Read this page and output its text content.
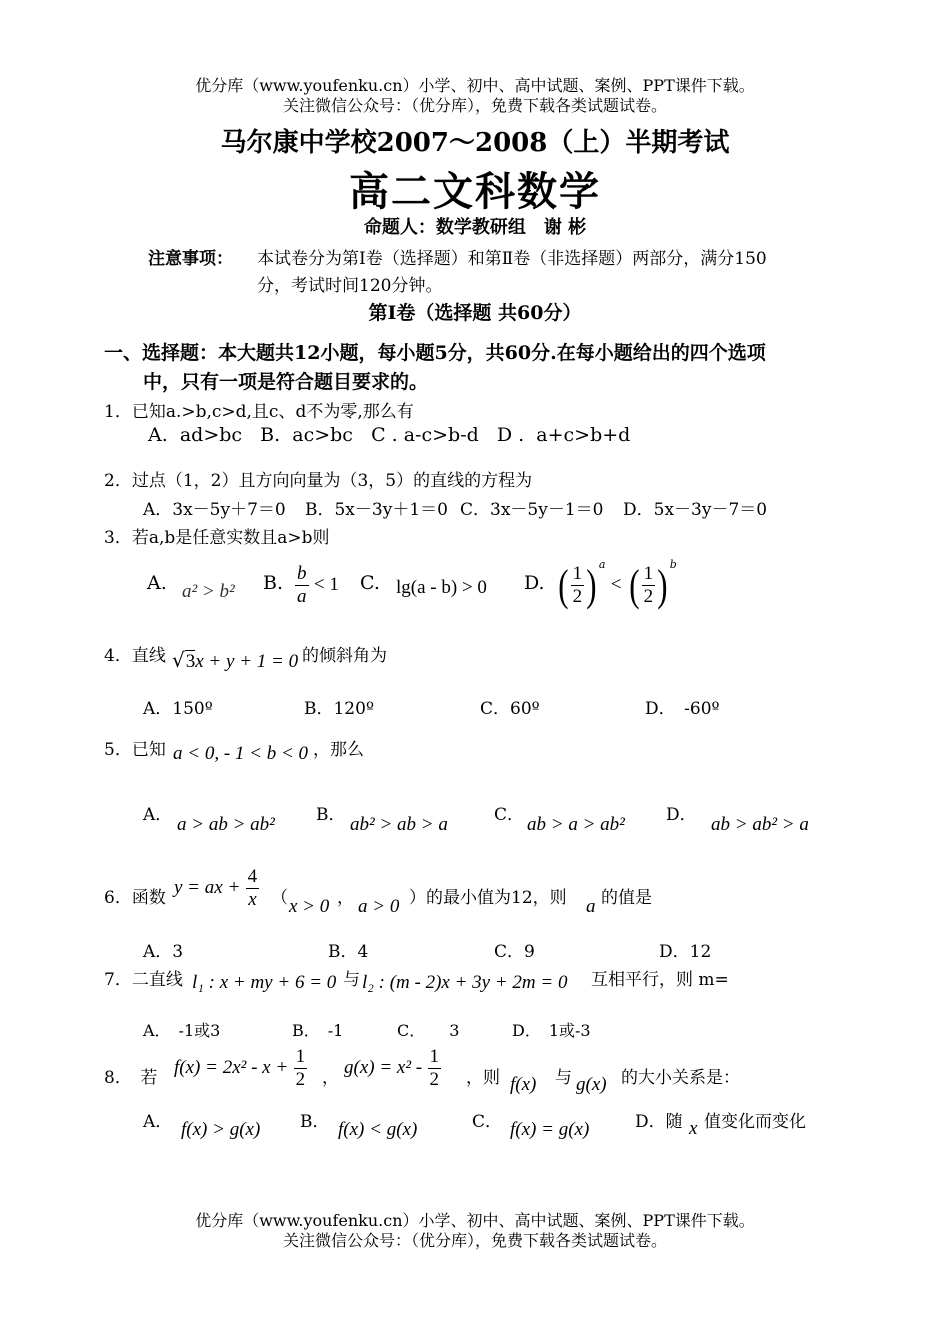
优分库（www.youfenku.cn）小学、初中、高中试题、案例、PPT课件下载。
关注微信公众号：（优分库），免费下载各类试题试卷。
马尔康中学校2007～2008（上）半期考试
高二文科数学
命题人：数学教研组　谢 彬
注意事项： 本试卷分为第Ⅰ卷（选择题）和第Ⅱ卷（非选择题）两部分，满分150
分，考试时间120分钟。
第Ⅰ卷（选择题 共60分）
一、选择题：本大题共12小题，每小题5分，共60分.在每小题给出的四个选项
中，只有一项是符合题目要求的。
1．已知a.>b,c>d,且c、d不为零,那么有
A.  ad>bc   B.  ac>bc   C . a-c>b-d   D .  a+c>b+d
2．过点（1，2）且方向向量为（3，5）的直线的方程为
A．3x－5y＋7＝0 B．5x－3y＋1＝0 C．3x－5y－1＝0 D．5x－3y－7＝0
3．若a,b是任意实数且a>b则
A. a² > b² B. $\frac{b}{a} < 1$ C. lg(a - b) > 0 D. ( $\frac{1}{2}$ ) $^a$ < ( $\frac{1}{2}$ ) $^b$
4．直线 √3x + y + 1 = 0 的倾斜角为
A．150º	B．120º	C．60º	D．　-60º
5．已知 a < 0, - 1 < b < 0 ，那么
A． a > ab > ab² B． ab² > ab > a	C． ab > a > ab² D． ab > ab² > a
6．函数 y = ax + $\frac{4}{x}$ （ x > 0 ， a > 0 ）的最小值为12，则 a 的值是
A．3	B．4	C．9	D．12
7．二直线 l₁ : x + my + 6 = 0 与 l₂ : (m - 2)x + 3y + 2m = 0 互相平行，则 m=
A．　-1或3	B．　-1	C．　　3	D．　1或-3
8．　若 $f(x) = 2x^2 - x + \frac{1}{2}$ ， $g(x) = x^2 - \frac{1}{2}$ ，则 f(x) 与 g(x) 的大小关系是：
A． f(x) > g(x) B． f(x) < g(x)	C． f(x) = g(x)	D．随 x 值变化而变化
优分库（www.youfenku.cn）小学、初中、高中试题、案例、PPT课件下载。
关注微信公众号：（优分库），免费下载各类试题试卷。
